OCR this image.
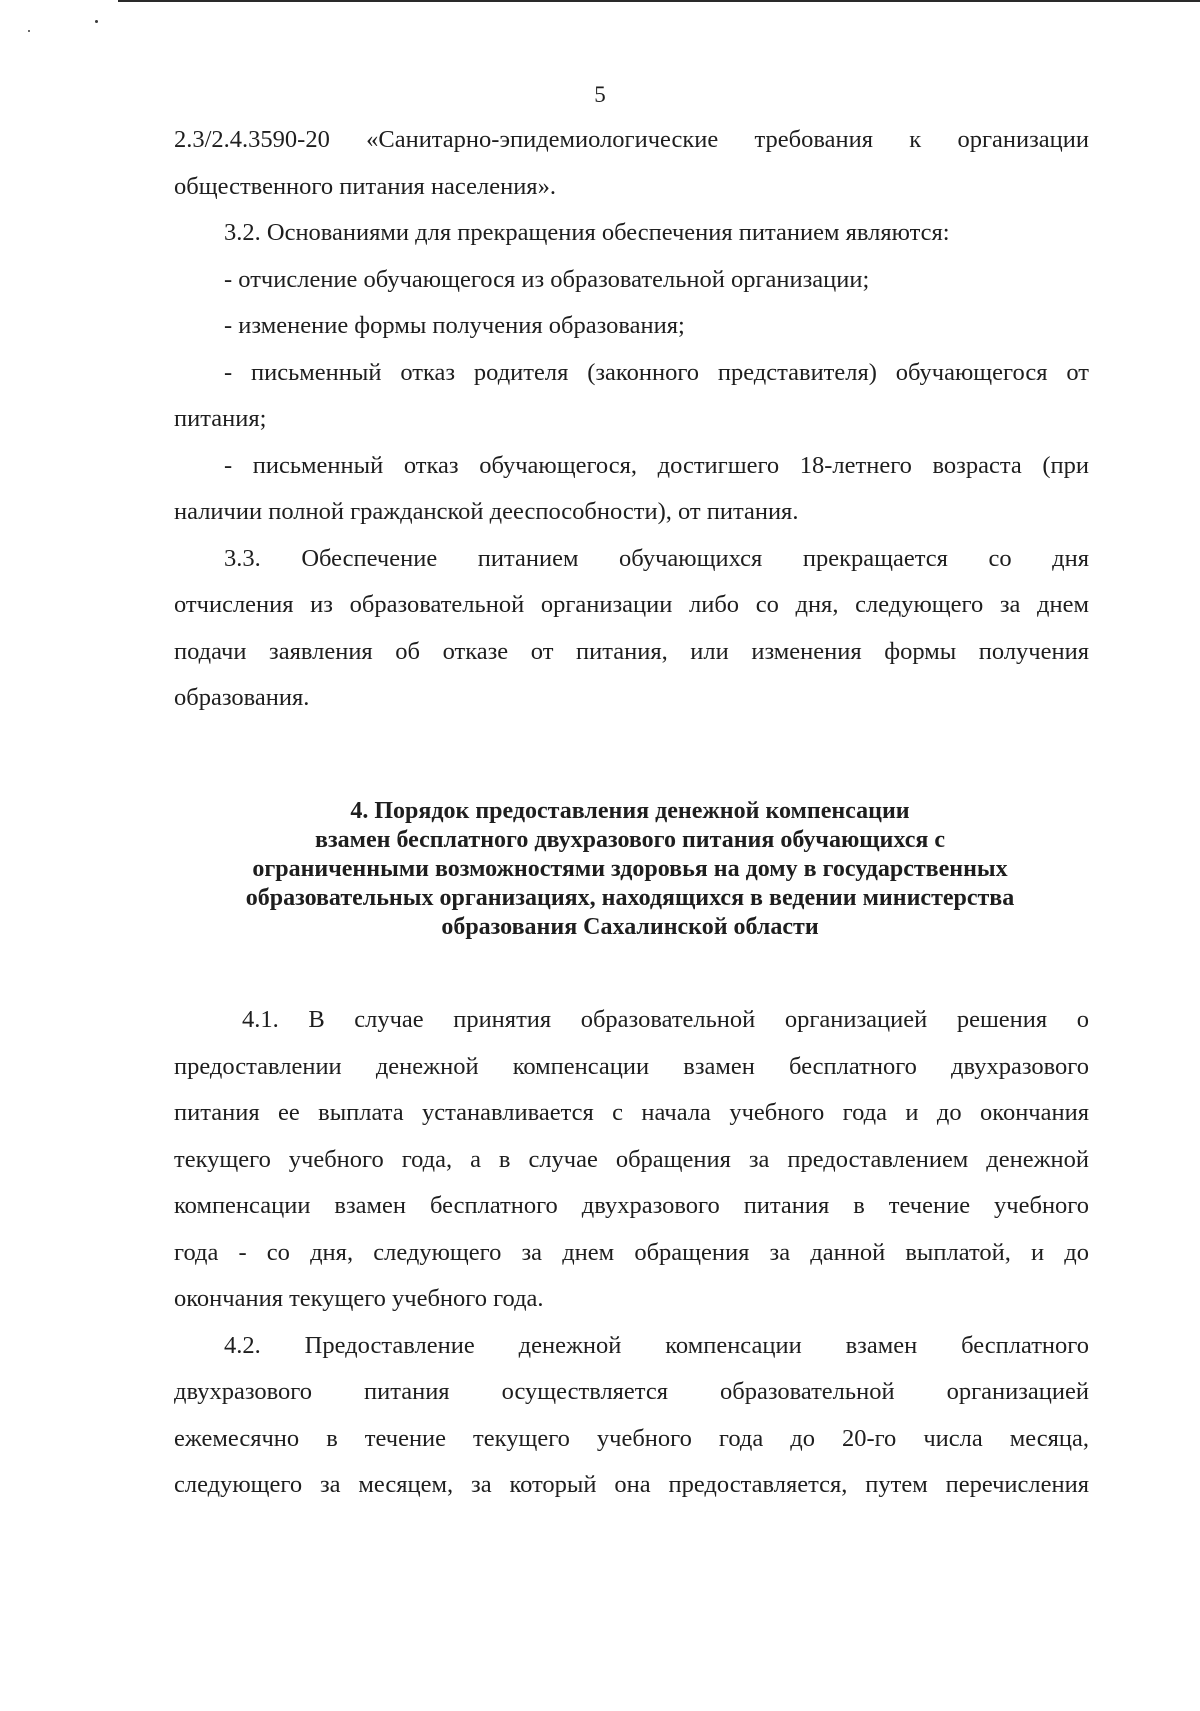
5
2.3/2.4.3590-20 «Санитарно-эпидемиологические требования к организации
общественного питания населения».
3.2. Основаниями для прекращения обеспечения питанием являются:
- отчисление обучающегося из образовательной организации;
- изменение формы получения образования;
- письменный отказ родителя (законного представителя) обучающегося от
питания;
- письменный отказ обучающегося, достигшего 18-летнего возраста (при
наличии полной гражданской дееспособности), от питания.
3.3. Обеспечение питанием обучающихся прекращается со дня
отчисления из образовательной организации либо со дня, следующего за днем
подачи заявления об отказе от питания, или изменения формы получения
образования.
4. Порядок предоставления денежной компенсации
взамен бесплатного двухразового питания обучающихся с
ограниченными возможностями здоровья на дому в государственных
образовательных организациях, находящихся в ведении министерства
образования Сахалинской области
4.1. В случае принятия образовательной организацией решения о
предоставлении денежной компенсации взамен бесплатного двухразового
питания ее выплата устанавливается с начала учебного года и до окончания
текущего учебного года, а в случае обращения за предоставлением денежной
компенсации взамен бесплатного двухразового питания в течение учебного
года - со дня, следующего за днем обращения за данной выплатой, и до
окончания текущего учебного года.
4.2. Предоставление денежной компенсации взамен бесплатного
двухразового питания осуществляется образовательной организацией
ежемесячно в течение текущего учебного года до 20-го числа месяца,
следующего за месяцем, за который она предоставляется, путем перечисления
